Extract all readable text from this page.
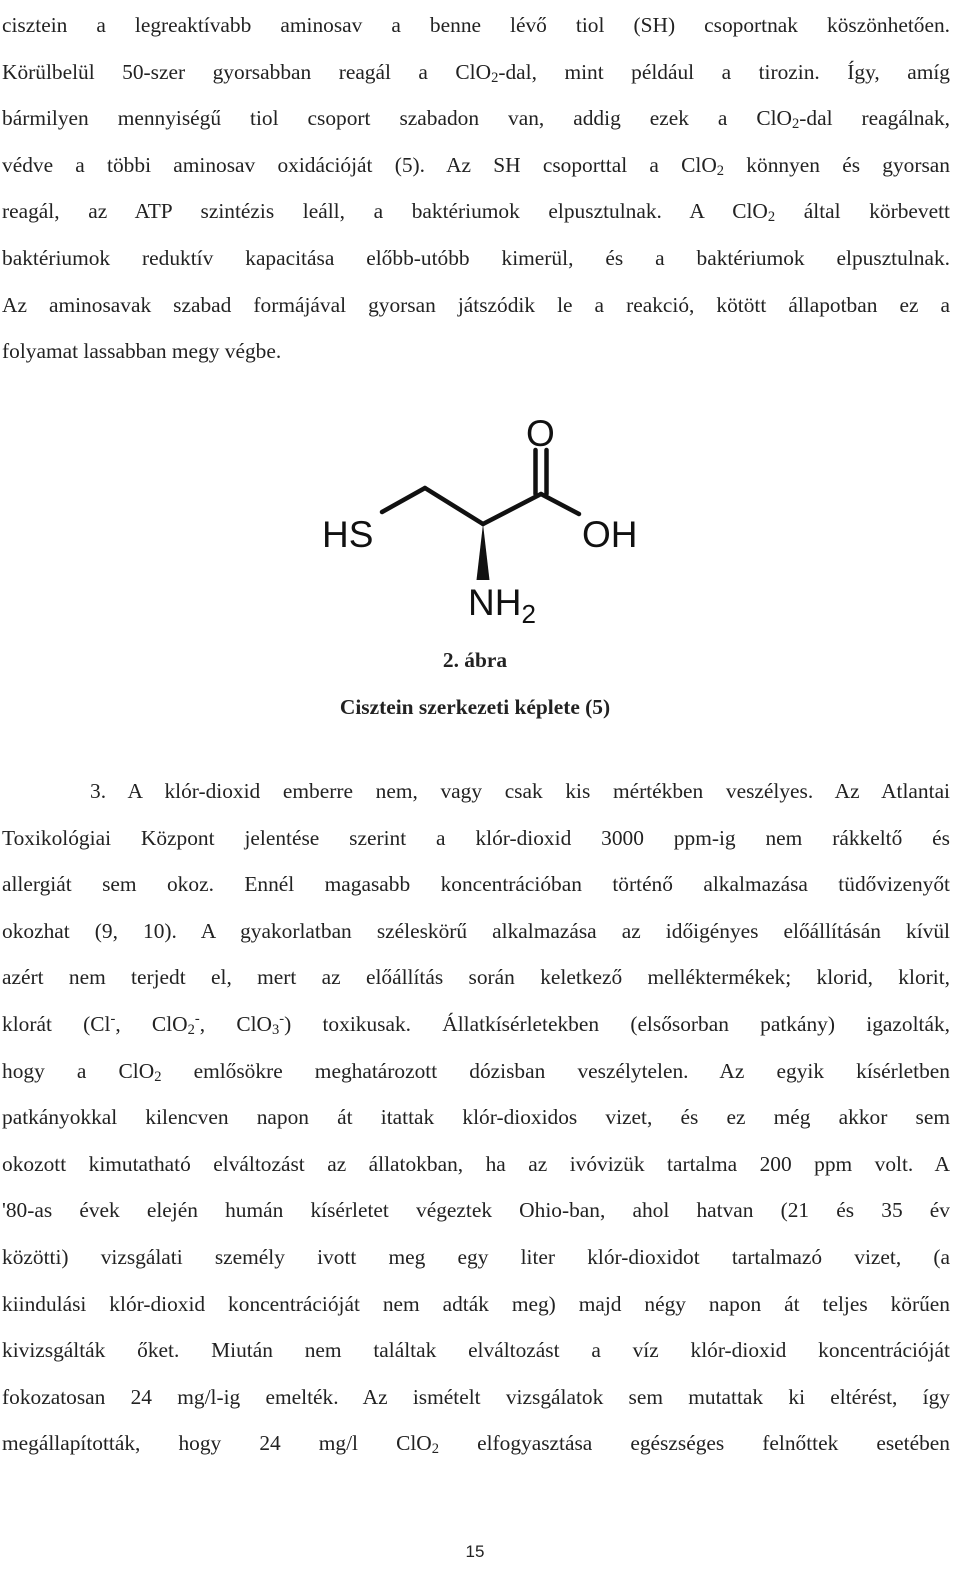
cisztein a legreaktívabb aminosav a benne lévő tiol (SH) csoportnak köszönhetően.
Körülbelül 50-szer gyorsabban reagál a ClO$_2$-dal, mint például a tirozin. Így, amíg
bármilyen mennyiségű tiol csoport szabadon van, addig ezek a ClO$_2$-dal reagálnak,
védve a többi aminosav oxidációját (5). Az SH csoporttal a ClO$_2$ könnyen és gyorsan
reagál, az ATP szintézis leáll, a baktériumok elpusztulnak. A ClO$_2$ által körbevett
baktériumok reduktív kapacitása előbb-utóbb kimerül, és a baktériumok elpusztulnak.
Az aminosavak szabad formájával gyorsan játszódik le a reakció, kötött állapotban ez a
folyamat lassabban megy végbe.
HS	OH
O
$NH_2$
2. ábra
Cisztein szerkezeti képlete (5)
3. A klór-dioxid emberre nem, vagy csak kis mértékben veszélyes. Az Atlantai
Toxikológiai Központ jelentése szerint a klór-dioxid 3000 ppm-ig nem rákkeltő és
allergiát sem okoz. Ennél magasabb koncentrációban történő alkalmazása tüdővizenyőt
okozhat (9, 10). A gyakorlatban széleskörű alkalmazása az időigényes előállításán kívül
azért nem terjedt el, mert az előállítás során keletkező melléktermékek; klorid, klorit,
klorát (Cl-, ClO$_2$-, ClO$_3$-) toxikusak. Állatkísérletekben (elsősorban patkány) igazolták,
hogy a ClO$_2$ emlősökre meghatározott dózisban veszélytelen. Az egyik kísérletben
patkányokkal kilencven napon át itattak klór-dioxidos vizet, és ez még akkor sem
okozott kimutatható elváltozást az állatokban, ha az ivóvizük tartalma 200 ppm volt. A
'80-as évek elején humán kísérletet végeztek Ohio-ban, ahol hatvan (21 és 35 év
közötti) vizsgálati személy ivott meg egy liter klór-dioxidot tartalmazó vizet, (a
kiindulási klór-dioxid koncentrációját nem adták meg) majd négy napon át teljes körűen
kivizsgálták őket. Miután nem találtak elváltozást a víz klór-dioxid koncentrációját
fokozatosan 24 mg/l-ig emelték. Az ismételt vizsgálatok sem mutattak ki eltérést, így
megállapították, hogy 24 mg/l ClO$_2$ elfogyasztása egészséges felnőttek esetében
15
